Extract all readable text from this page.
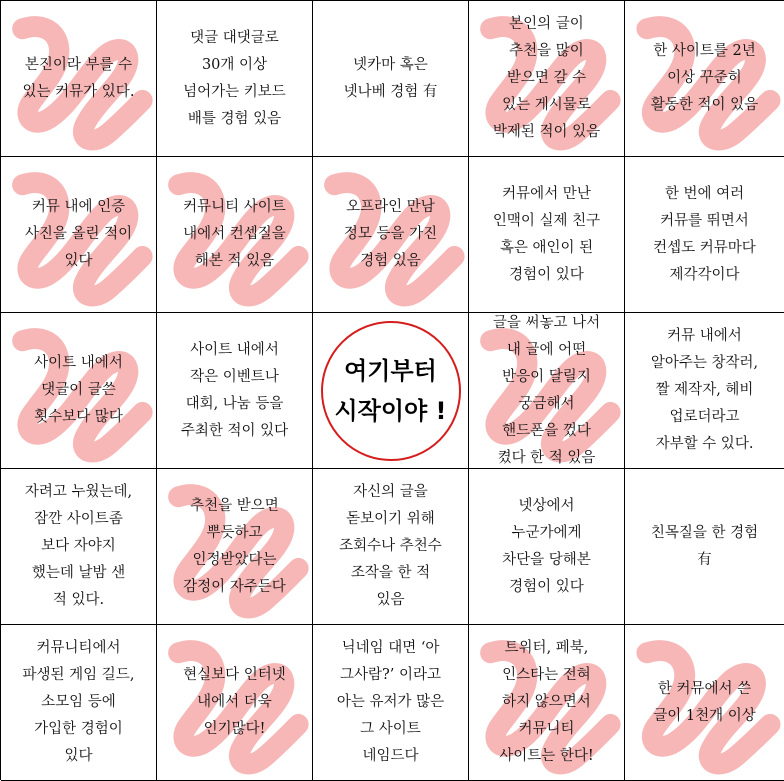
본진이라 부를 수
있는 커뮤가 있다.
댓글 대댓글로
30개 이상
넘어가는 키보드
배틀 경험 있음
넷카마 혹은
넷나베 경험 有
본인의 글이
추천을 많이
받으면 갈 수
있는 게시물로
박제된 적이 있음
한 사이트를 2년
이상 꾸준히
활동한 적이 있음
커뮤 내에 인증
사진을 올린 적이
있다
커뮤니티 사이트
내에서 컨셉질을
해본 적 있음
오프라인 만남
정모 등을 가진
경험 있음
커뮤에서 만난
인맥이 실제 친구
혹은 애인이 된
경험이 있다
한 번에 여러
커뮤를 뛰면서
컨셉도 커뮤마다
제각각이다
사이트 내에서
댓글이 글쓴
횟수보다 많다
사이트 내에서
작은 이벤트나
대회, 나눔 등을
주최한 적이 있다
여기부터
시작이야 !
글을 써놓고 나서
내 글에 어떤
반응이 달릴지
궁금해서
핸드폰을 껐다
켰다 한 적 있음
커뮤 내에서
알아주는 창작러,
짤 제작자, 헤비
업로더라고
자부할 수 있다.
자려고 누웠는데,
잠깐 사이트좀
보다 자야지
했는데 날밤 샌
적 있다.
추천을 받으면
뿌듯하고
인정받았다는
감정이 자주든다
자신의 글을
돋보이기 위해
조회수나 추천수
조작을 한 적
있음
넷상에서
누군가에게
차단을 당해본
경험이 있다
친목질을 한 경험
有
커뮤니티에서
파생된 게임 길드,
소모임 등에
가입한 경험이
있다
현실보다 인터넷
내에서 더욱
인기많다!
닉네임 대면 ‘아
그사람?’ 이라고
아는 유저가 많은
그 사이트
네임드다
트위터, 페북,
인스타는 전혀
하지 않으면서
커뮤니티
사이트는 한다!
한 커뮤에서 쓴
글이 1천개 이상
